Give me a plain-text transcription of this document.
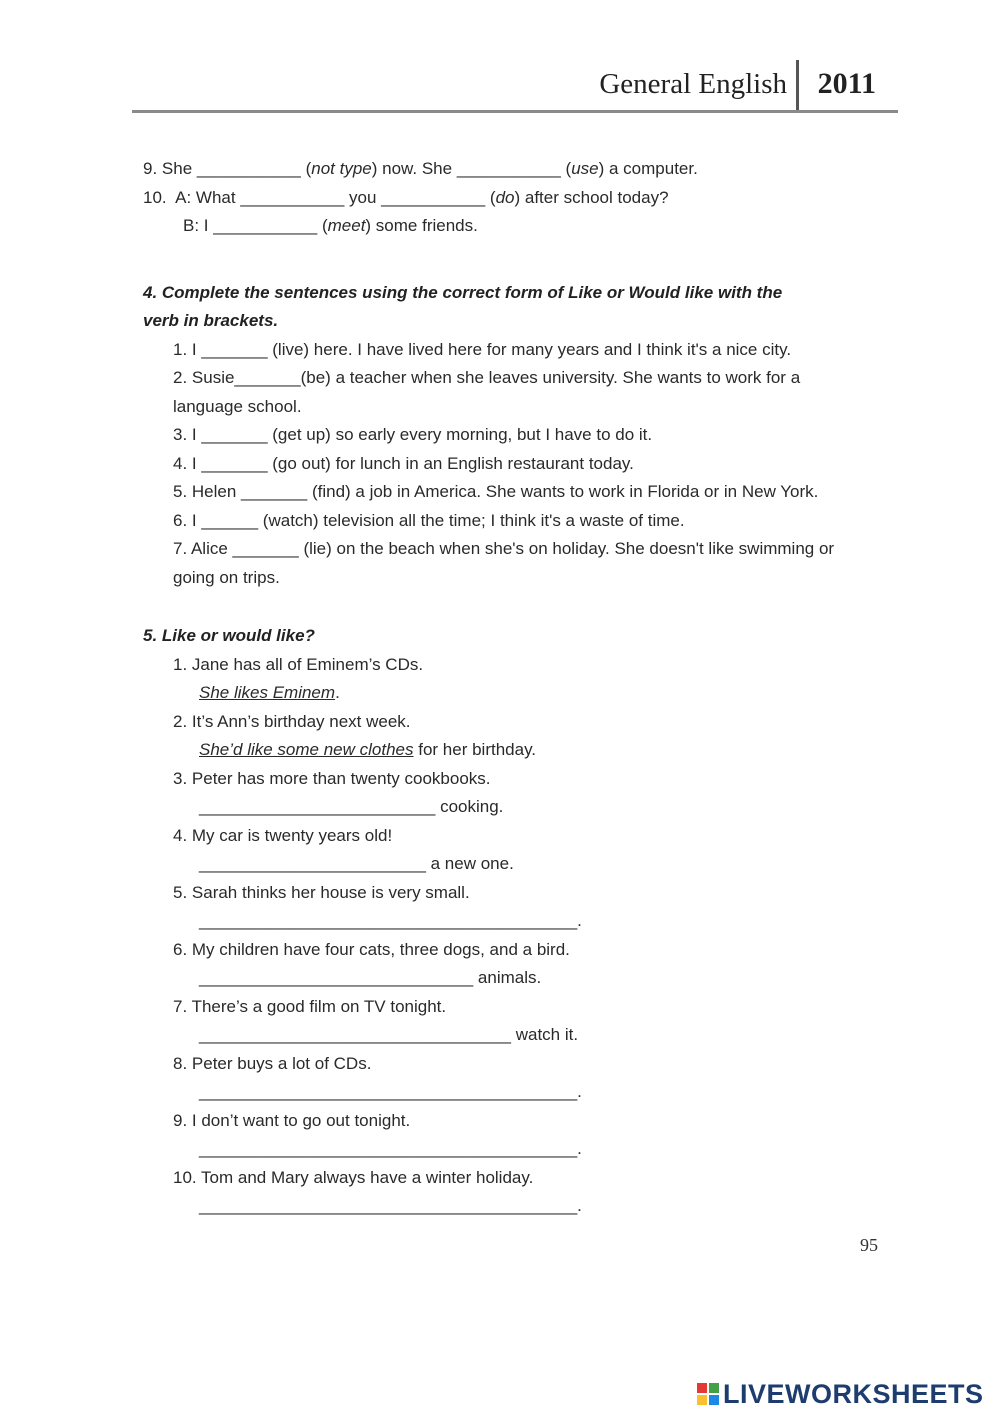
General English 2011
9. She ___________ (not type) now. She ___________ (use) a computer.
10.  A: What ___________ you ___________ (do) after school today?
B: I ___________ (meet) some friends.
4. Complete the sentences using the correct form of Like or Would like with the
verb in brackets.
1. I _______ (live) here. I have lived here for many years and I think it's a nice city.
2. Susie_______(be) a teacher when she leaves university. She wants to work for a
language school.
3. I _______ (get up) so early every morning, but I have to do it.
4. I _______ (go out) for lunch in an English restaurant today.
5. Helen _______ (find) a job in America. She wants to work in Florida or in New York.
6. I ______ (watch) television all the time; I think it's a waste of time.
7. Alice _______ (lie) on the beach when she's on holiday. She doesn't like swimming or
going on trips.
5. Like or would like?
1. Jane has all of Eminem’s CDs.
She likes Eminem.
2. It’s Ann’s birthday next week.
She’d like some new clothes for her birthday.
3. Peter has more than twenty cookbooks.
_________________________ cooking.
4. My car is twenty years old!
________________________ a new one.
5. Sarah thinks her house is very small.
________________________________________.
6. My children have four cats, three dogs, and a bird.
_____________________________ animals.
7. There’s a good film on TV tonight.
_________________________________ watch it.
8. Peter buys a lot of CDs.
________________________________________.
9. I don’t want to go out tonight.
________________________________________.
10. Tom and Mary always have a winter holiday.
________________________________________.
95
LIVEWORKSHEETS
